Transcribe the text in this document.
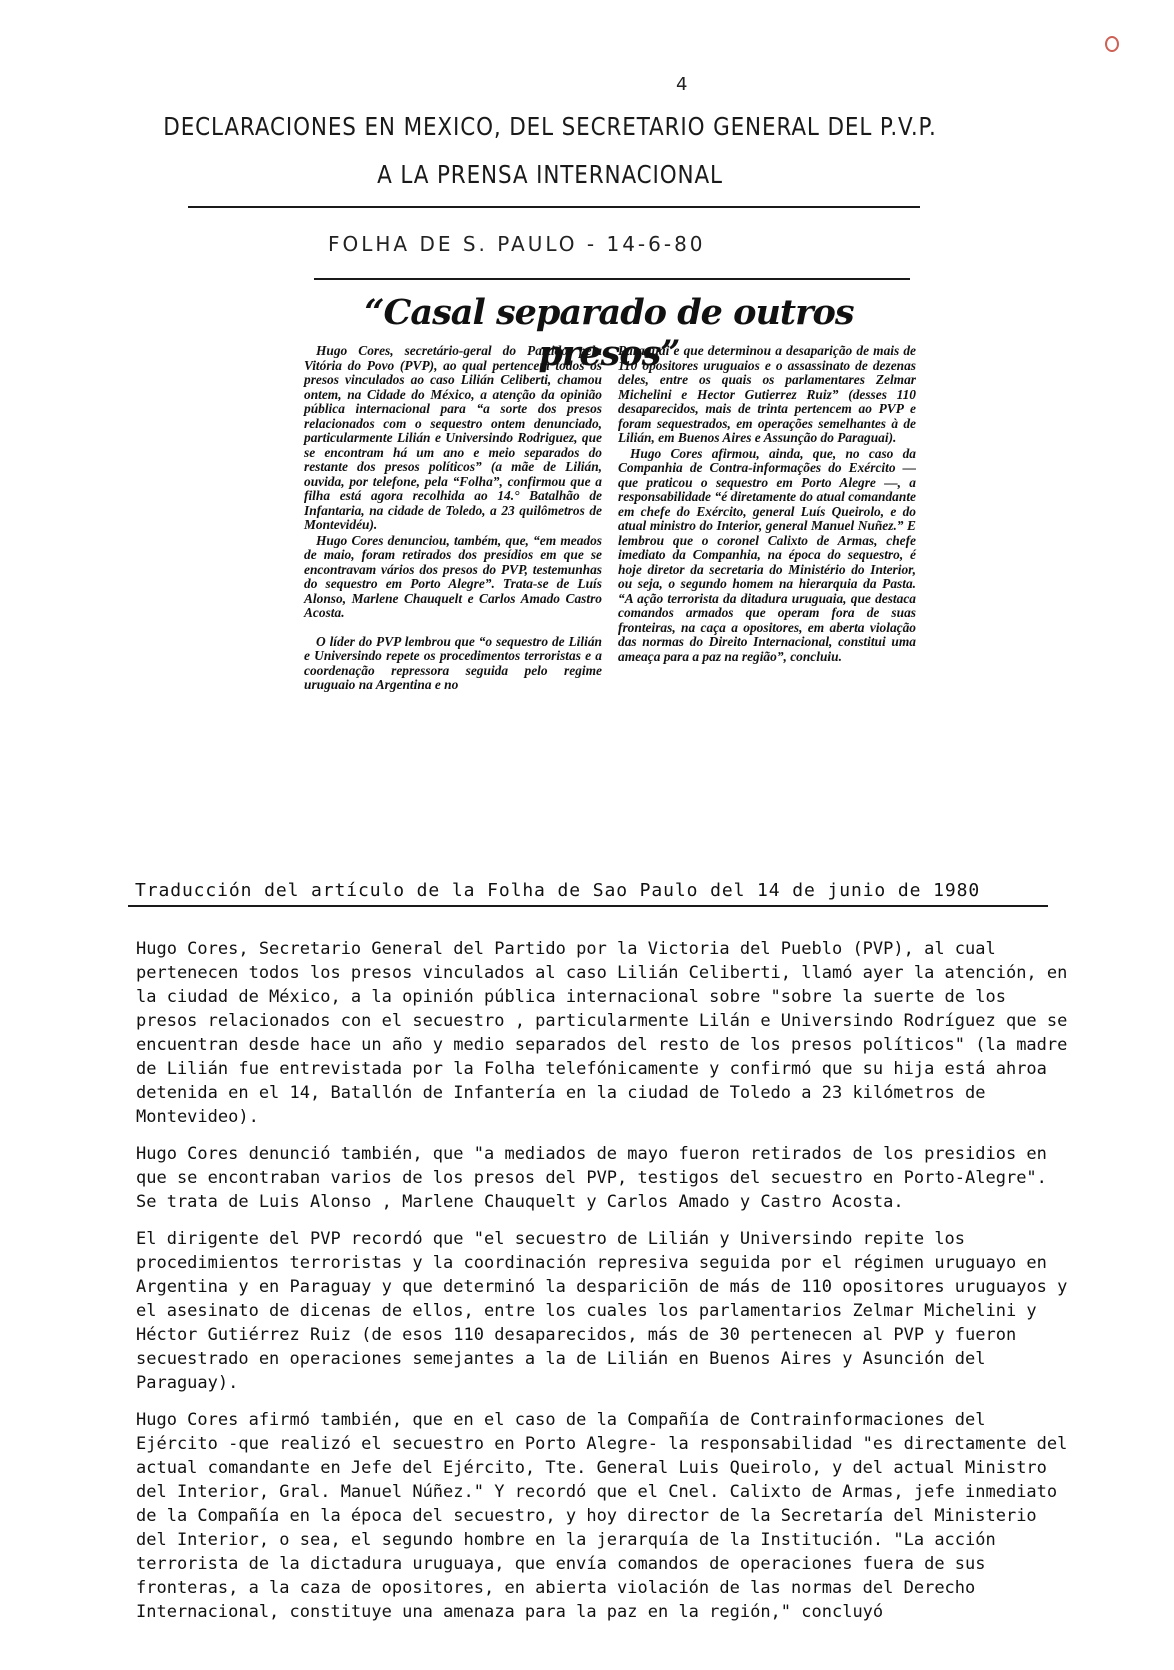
4
DECLARACIONES EN MEXICO, DEL SECRETARIO GENERAL DEL P.V.P.
A LA PRENSA INTERNACIONAL
FOLHA DE S. PAULO - 14-6-80
“Casal separado de outros presos”

Hugo Cores, secretário-geral do Partido pela Vitória do Povo (PVP), ao qual pertencem todos os presos vinculados ao caso Lilián Celiberti, chamou ontem, na Cidade do México, a atenção da opinião pública internacional para “a sorte dos presos relacionados com o sequestro ontem denunciado, particularmente Lilián e Universindo Rodriguez, que se encontram há um ano e meio separados do restante dos presos políticos” (a mãe de Lilián, ouvida, por telefone, pela “Folha”, confirmou que a filha está agora recolhida ao 14.° Batalhão de Infantaria, na cidade de Toledo, a 23 quilômetros de Montevidéu).

Hugo Cores denunciou, também, que, “em meados de maio, foram retirados dos presídios em que se encontravam vários dos presos do PVP, testemunhas do sequestro em Porto Alegre”. Trata-se de Luís Alonso, Marlene Chauquelt e Carlos Amado Castro Acosta.

O líder do PVP lembrou que “o sequestro de Lilián e Universindo repete os procedimentos terroristas e a coordenação repressora seguida pelo regime uruguaio na Argentina e no

Paraguai e que determinou a desaparição de mais de 110 opositores uruguaios e o assassinato de dezenas deles, entre os quais os parlamentares Zelmar Michelini e Hector Gutierrez Ruiz” (desses 110 desaparecidos, mais de trinta pertencem ao PVP e foram sequestrados, em operações semelhantes à de Lilián, em Buenos Aires e Assunção do Paraguai).

Hugo Cores afirmou, ainda, que, no caso da Companhia de Contra-informações do Exército — que praticou o sequestro em Porto Alegre —, a responsabilidade “é diretamente do atual comandante em chefe do Exército, general Luís Queirolo, e do atual ministro do Interior, general Manuel Nuñez.” E lembrou que o coronel Calixto de Armas, chefe imediato da Companhia, na época do sequestro, é hoje diretor da secretaria do Ministério do Interior, ou seja, o segundo homem na hierarquia da Pasta. “A ação terrorista da ditadura uruguaia, que destaca comandos armados que operam fora de suas fronteiras, na caça a opositores, em aberta violação das normas do Direito Internacional, constitui uma ameaça para a paz na região”, concluiu.

Traducción del artículo de la Folha de Sao Paulo del 14 de junio de 1980

Hugo Cores, Secretario General del Partido por la Victoria del Pueblo (PVP), al cual pertenecen todos los presos vinculados al caso Lilián Celiberti, llamó ayer la atención, en la ciudad de México, a la opinión pública internacional sobre "sobre la suerte de los presos relacionados con el secuestro , particularmente Lilán e Universindo Rodríguez que se encuentran desde hace un año y medio separados del resto de los presos políticos" (la madre de Lilián fue entrevistada por la Folha telefónicamente y confirmó que su hija está ahroa detenida en el 14, Batallón de Infantería en la ciudad de Toledo a 23 kilómetros de Montevideo).

Hugo Cores denunció también, que "a mediados de mayo fueron retirados de los presidios en que se encontraban varios de los presos del PVP, testigos del secuestro en Porto-Alegre". Se trata de Luis Alonso , Marlene Chauquelt y Carlos Amado y Castro Acosta.

El dirigente del PVP recordó que "el secuestro de Lilián y Universindo repite los procedimientos terroristas y la coordinación represiva seguida por el régimen uruguayo en Argentina y en Paraguay y que determinó la despariciōn de más de 110 opositores uruguayos y el asesinato de dicenas de ellos, entre los cuales los parlamentarios Zelmar Michelini y Héctor Gutiérrez Ruiz (de esos 110 desaparecidos, más de 30 pertenecen al PVP y fueron secuestrado en operaciones semejantes a la de Lilián en Buenos Aires y Asunción del Paraguay).

Hugo Cores afirmó también, que en el caso de la Compañía de Contrainformaciones del Ejército -que realizó el secuestro en Porto Alegre- la responsabilidad "es directamente del actual comandante en Jefe del Ejército, Tte. General Luis Queirolo, y del actual Ministro del Interior, Gral. Manuel Núñez." Y recordó que el Cnel. Calixto de Armas, jefe inmediato de la Compañía en la época del secuestro, y hoy director de la Secretaría del Ministerio del Interior, o sea, el segundo hombre en la jerarquía de la Institución. "La acción terrorista de la dictadura uruguaya, que envía comandos de operaciones fuera de sus fronteras, a la caza de opositores, en abierta violación de las normas del Derecho Internacional, constituye una amenaza para la paz en la región," concluyó
